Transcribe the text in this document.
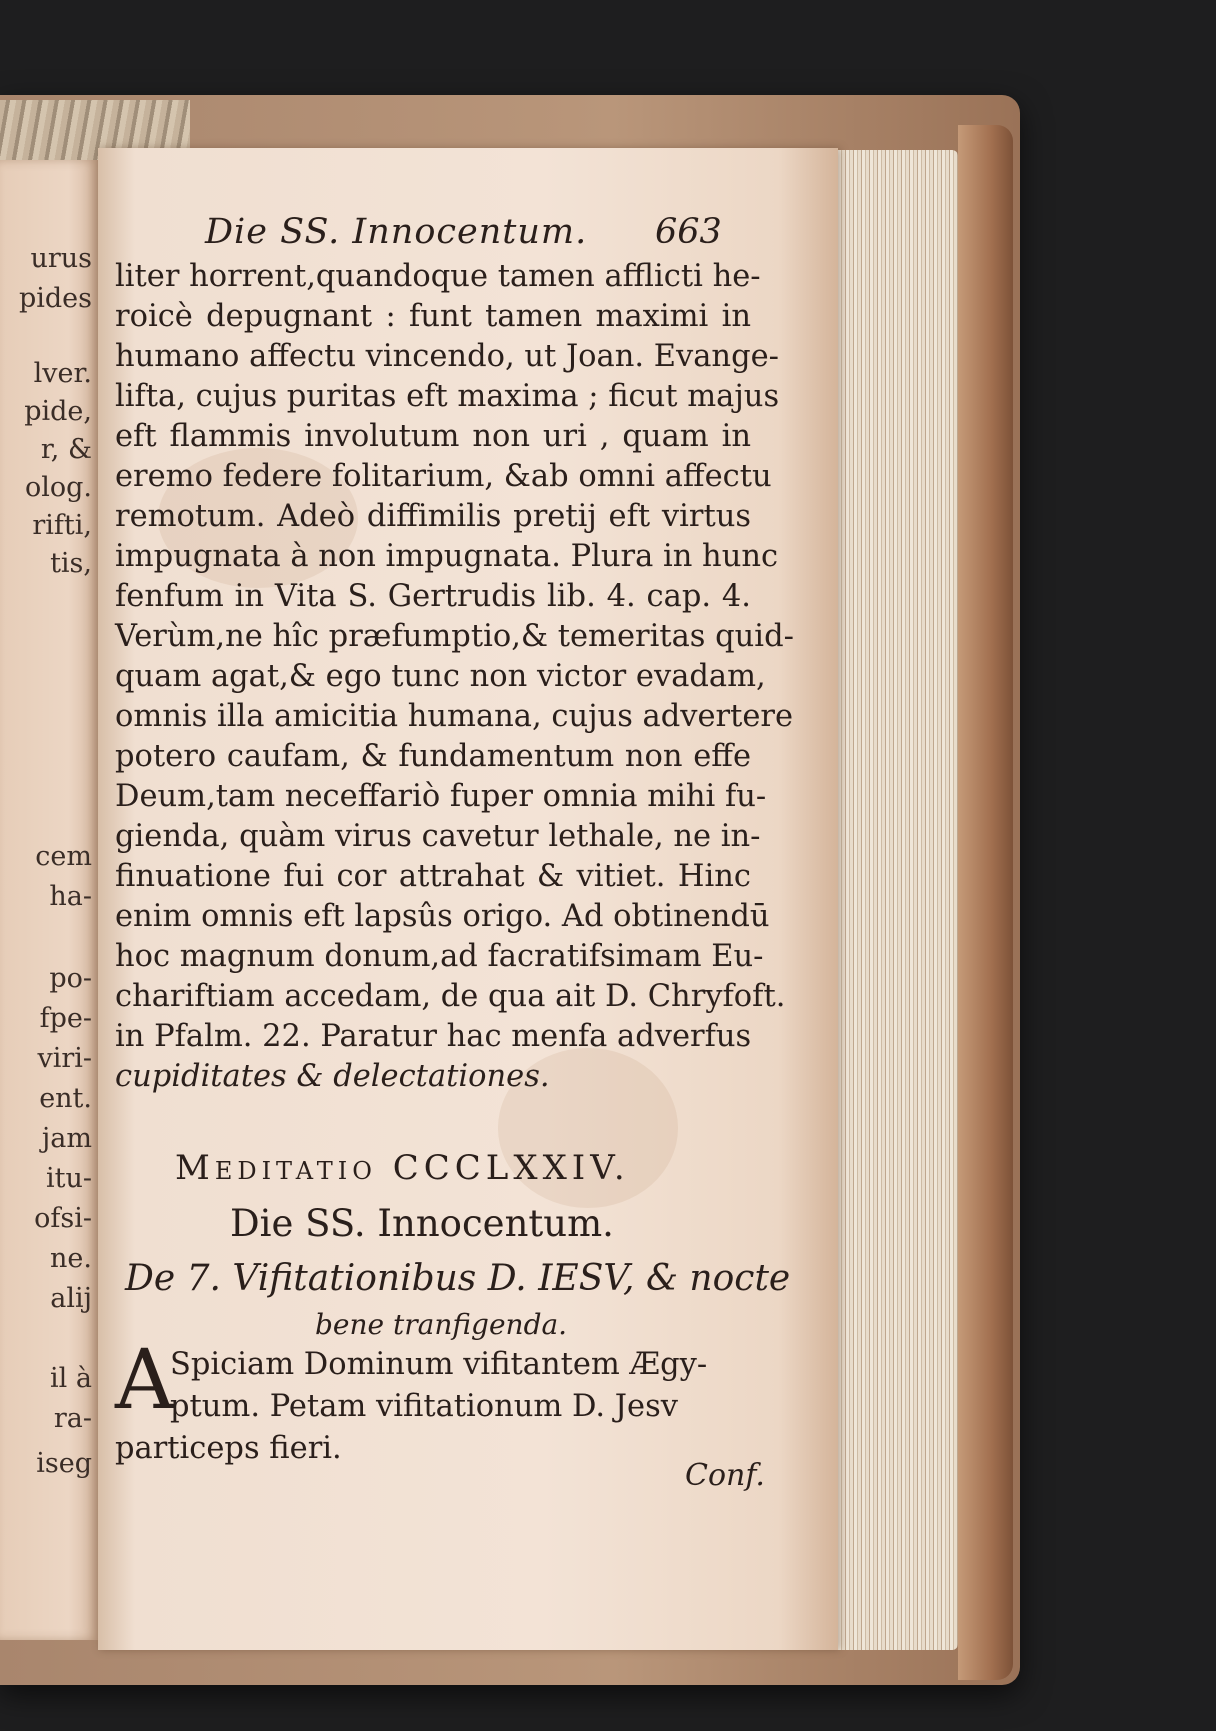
urus
pides
lver.
pide,
r, &
olog.
rifti,
tis,
cem
ha-
po-
fpe-
viri-
ent.
jam
itu-
ofsi-
ne.
alij
il à
ra-
iseg
Die SS. Innocentum. 663
liter horrent,quandoque tamen afflicti he-
roicè depugnant : funt tamen maximi in
humano affectu vincendo, ut Joan. Evange-
lifta, cujus puritas eft maxima ; ficut majus
eft flammis involutum non uri , quam in
eremo federe folitarium, &ab omni affectu
remotum. Adeò diffimilis pretij eft virtus
impugnata à non impugnata. Plura in hunc
fenfum in Vita S. Gertrudis lib. 4. cap. 4.
Verùm,ne hîc præfumptio,& temeritas quid-
quam agat,& ego tunc non victor evadam,
omnis illa amicitia humana, cujus advertere
potero caufam, & fundamentum non effe
Deum,tam neceffariò fuper omnia mihi fu-
gienda, quàm virus cavetur lethale, ne in-
finuatione fui cor attrahat & vitiet. Hinc
enim omnis eft lapsûs origo. Ad obtinendū
hoc magnum donum,ad facratifsimam Eu-
chariftiam accedam, de qua ait D. Chryfoft.
in Pfalm. 22. Paratur hac menfa adverfus
cupiditates & delectationes.
Meditatio CCCLXXIV.
Die SS. Innocentum.
De 7. Vifitationibus D. IESV, & nocte
bene tranfigenda.
A
Spiciam Dominum vifitantem Ægy-
ptum. Petam vifitationum D. Jesv
particeps fieri.
Conf.
